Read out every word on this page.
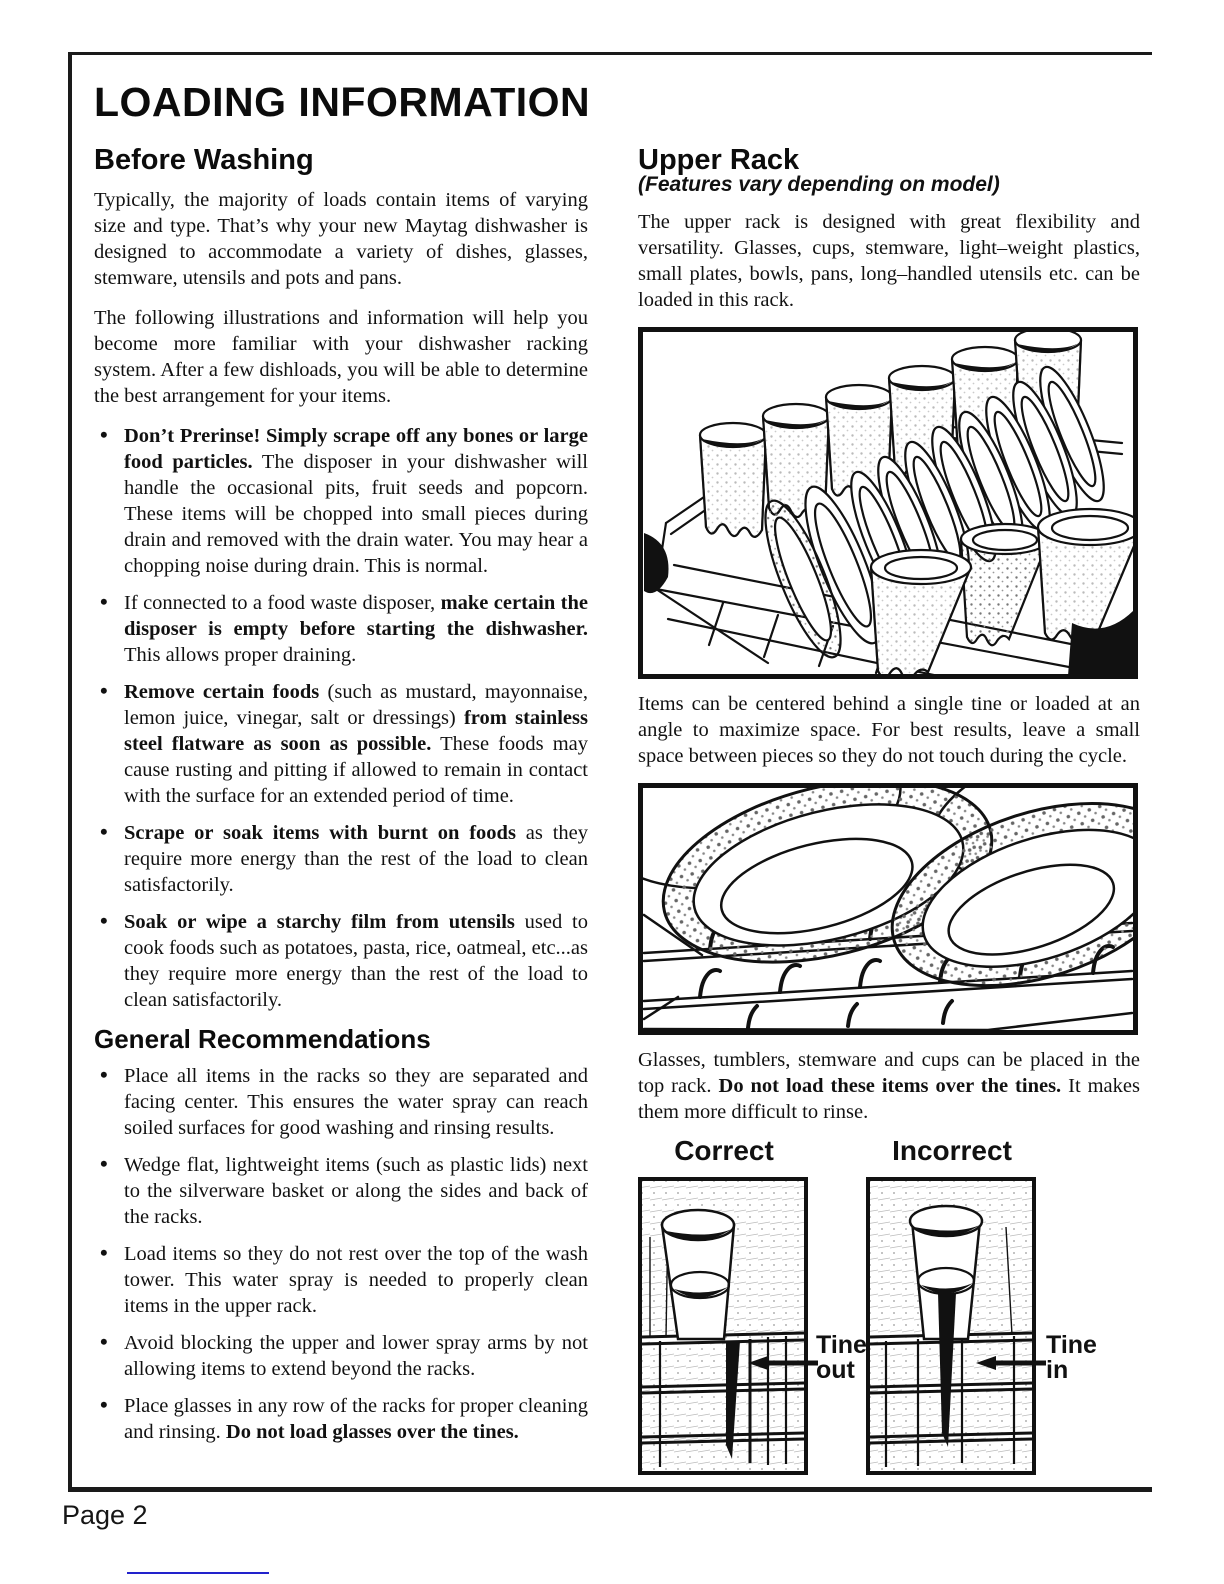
LOADING INFORMATION
Before Washing

Typically, the majority of loads contain items of varying size and type. That’s why your new Maytag dishwasher is designed to accommodate a variety of dishes, glasses, stemware, utensils and pots and pans.

The following illustrations and information will help you become more familiar with your dishwasher racking system. After a few dishloads, you will be able to determine the best arrangement for your items.

• Don’t Prerinse! Simply scrape off any bones or large food particles. The disposer in your dishwasher will handle the occasional pits, fruit seeds and popcorn. These items will be chopped into small pieces during drain and removed with the drain water. You may hear a chopping noise during drain. This is normal.
• If connected to a food waste disposer, make certain the disposer is empty before starting the dishwasher. This allows proper draining.
• Remove certain foods (such as mustard, mayonnaise, lemon juice, vinegar, salt or dressings) from stainless steel flatware as soon as possible. These foods may cause rusting and pitting if allowed to remain in contact with the surface for an extended period of time.
• Scrape or soak items with burnt on foods as they require more energy than the rest of the load to clean satisfactorily.
• Soak or wipe a starchy film from utensils used to cook foods such as potatoes, pasta, rice, oatmeal, etc...as they require more energy than the rest of the load to clean satisfactorily.
General Recommendations
• Place all items in the racks so they are separated and facing center. This ensures the water spray can reach soiled surfaces for good washing and rinsing results.
• Wedge flat, lightweight items (such as plastic lids) next to the silverware basket or along the sides and back of the racks.
• Load items so they do not rest over the top of the wash tower. This water spray is needed to properly clean items in the upper rack.
• Avoid blocking the upper and lower spray arms by not allowing items to extend beyond the racks.
• Place glasses in any row of the racks for proper cleaning and rinsing. Do not load glasses over the tines.
Upper Rack
(Features vary depending on model)

The upper rack is designed with great flexibility and versatility. Glasses, cups, stemware, light–weight plastics, small plates, bowls, pans, long–handled utensils etc. can be loaded in this rack.

Items can be centered behind a single tine or loaded at an angle to maximize space. For best results, leave a small space between pieces so they do not touch during the cycle.

Glasses, tumblers, stemware and cups can be placed in the top rack. Do not load these items over the tines. It makes them more difficult to rinse.

Correct	Incorrect
Tine
out
Tine
in
Page 2
